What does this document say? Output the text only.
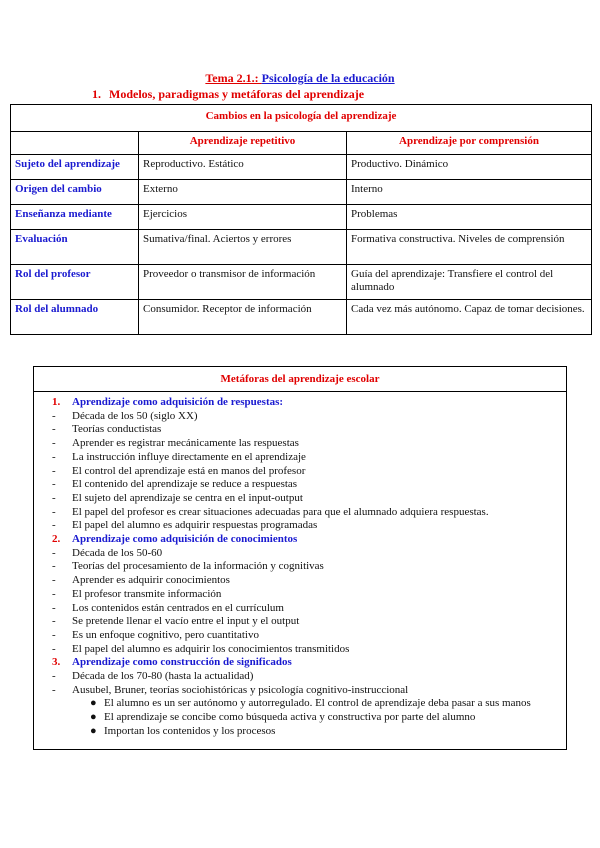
Tema 2.1.: Psicología de la educación
1. Modelos, paradigmas y metáforas del aprendizaje
Cambios en la psicología del aprendizaje		
	Aprendizaje repetitivo	Aprendizaje por comprensión
Sujeto del aprendizaje	Reproductivo. Estático	Productivo. Dinámico
Origen del cambio	Externo	Interno
Enseñanza mediante	Ejercicios	Problemas
Evaluación	Sumativa/final. Aciertos y errores	Formativa constructiva. Niveles de comprensión
Rol del profesor	Proveedor o transmisor de información	Guía del aprendizaje: Transfiere el control del alumnado
Rol del alumnado	Consumidor. Receptor de información	Cada vez más autónomo. Capaz de tomar decisiones.
Metáforas del aprendizaje escolar
1.	Aprendizaje como adquisición de respuestas:
-	Década de los 50 (siglo XX)
-	Teorías conductistas
-	Aprender es registrar mecánicamente las respuestas
-	La instrucción influye directamente en el aprendizaje
-	El control del aprendizaje está en manos del profesor
-	El contenido del aprendizaje se reduce a respuestas
-	El sujeto del aprendizaje se centra en el input-output
-	El papel del profesor es crear situaciones adecuadas para que el alumnado adquiera respuestas.
-	El papel del alumno es adquirir respuestas programadas
2.	Aprendizaje como adquisición de conocimientos
-	Década de los 50-60
-	Teorías del procesamiento de la información y cognitivas
-	Aprender es adquirir conocimientos
-	El profesor transmite información
-	Los contenidos están centrados en el currículum
-	Se pretende llenar el vacío entre el input y el output
-	Es un enfoque cognitivo, pero cuantitativo
-	El papel del alumno es adquirir los conocimientos transmitidos
3.	Aprendizaje como construcción de significados
-	Década de los 70-80 (hasta la actualidad)
-	Ausubel, Bruner, teorías sociohistóricas y psicología cognitivo-instruccional
● El alumno es un ser autónomo y autorregulado. El control de aprendizaje deba pasar a sus manos
● El aprendizaje se concibe como búsqueda activa y constructiva por parte del alumno
● Importan los contenidos y los procesos
